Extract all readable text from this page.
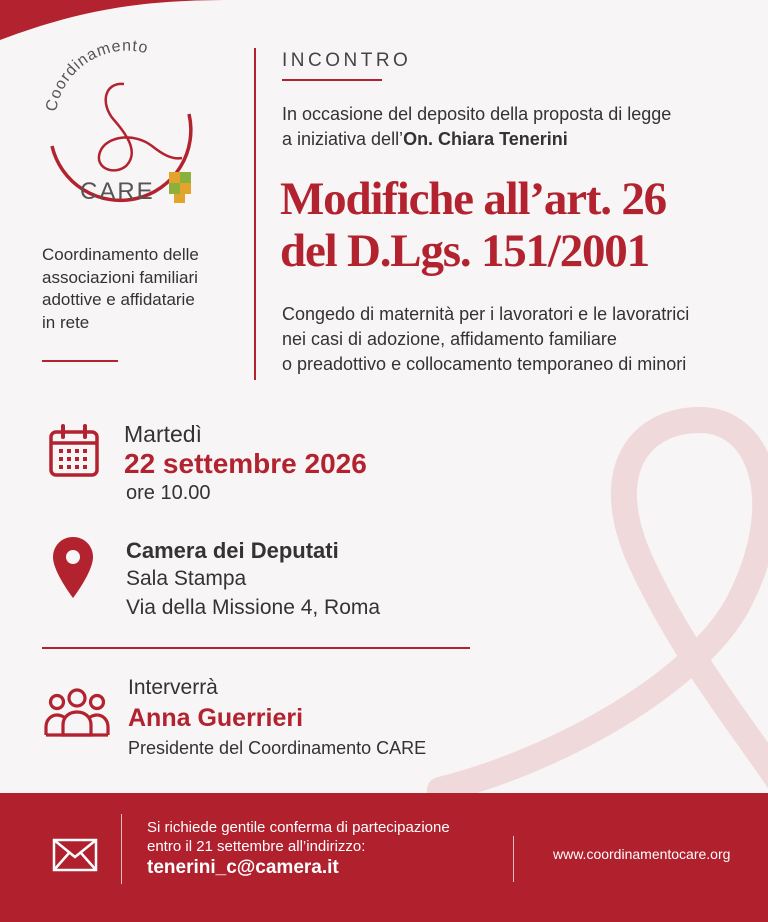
Coordinamento
CARE
Coordinamento delle
associazioni familiari
adottive e affidatarie
in rete
INCONTRO
In occasione del deposito della proposta di legge
a iniziativa dell’On. Chiara Tenerini
Modifiche all’art. 26
del D.Lgs. 151/2001
Congedo di maternità per i lavoratori e le lavoratrici
nei casi di adozione, affidamento familiare
o preadottivo e collocamento temporaneo di minori
Martedì
22 settembre 2026
ore 10.00
Camera dei Deputati
Sala Stampa
Via della Missione 4, Roma
Interverrà
Anna Guerrieri
Presidente del Coordinamento CARE
Si richiede gentile conferma di partecipazione
entro il 21 settembre all’indirizzo:
tenerini_c@camera.it
www.coordinamentocare.org
